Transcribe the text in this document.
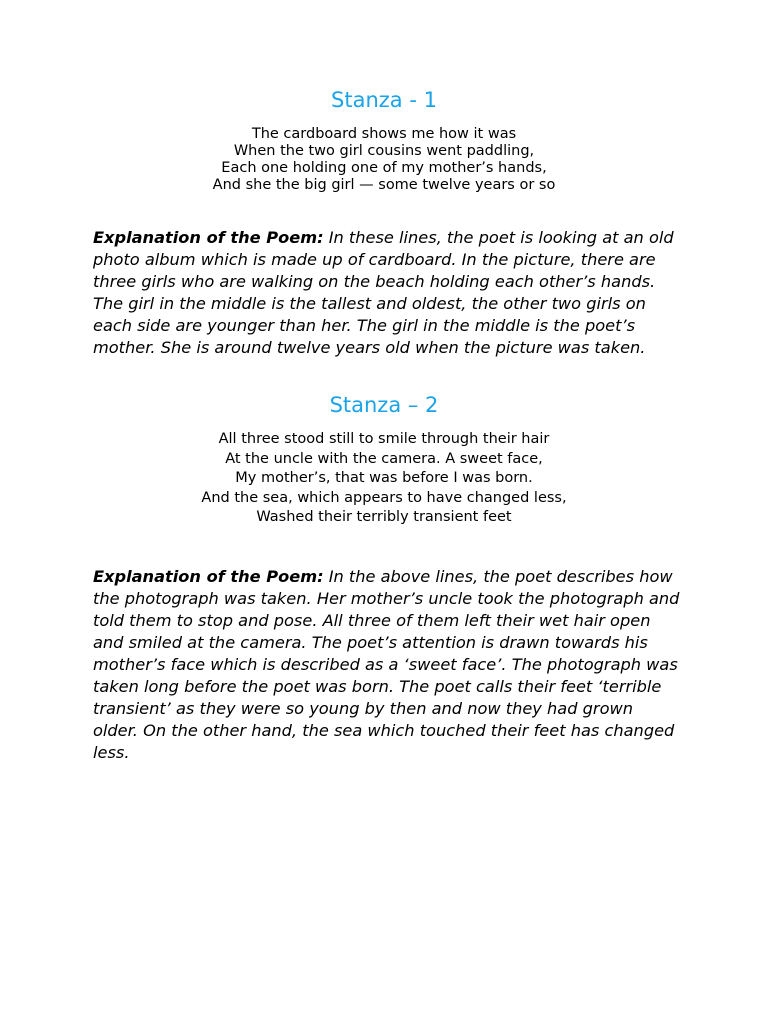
Stanza - 1
The cardboard shows me how it was
When the two girl cousins went paddling,
Each one holding one of my mother’s hands,
And she the big girl — some twelve years or so

Explanation of the Poem: In these lines, the poet is looking at an old photo album which is made up of cardboard. In the picture, there are three girls who are walking on the beach holding each other’s hands. The girl in the middle is the tallest and oldest, the other two girls on each side are younger than her. The girl in the middle is the poet’s mother. She is around twelve years old when the picture was taken.

Stanza – 2
All three stood still to smile through their hair
At the uncle with the camera. A sweet face,
My mother’s, that was before I was born.
And the sea, which appears to have changed less,
Washed their terribly transient feet

Explanation of the Poem: In the above lines, the poet describes how the photograph was taken. Her mother’s uncle took the photograph and told them to stop and pose. All three of them left their wet hair open and smiled at the camera. The poet’s attention is drawn towards his mother’s face which is described as a ‘sweet face’. The photograph was taken long before the poet was born. The poet calls their feet ‘terrible transient’ as they were so young by then and now they had grown older. On the other hand, the sea which touched their feet has changed less.
